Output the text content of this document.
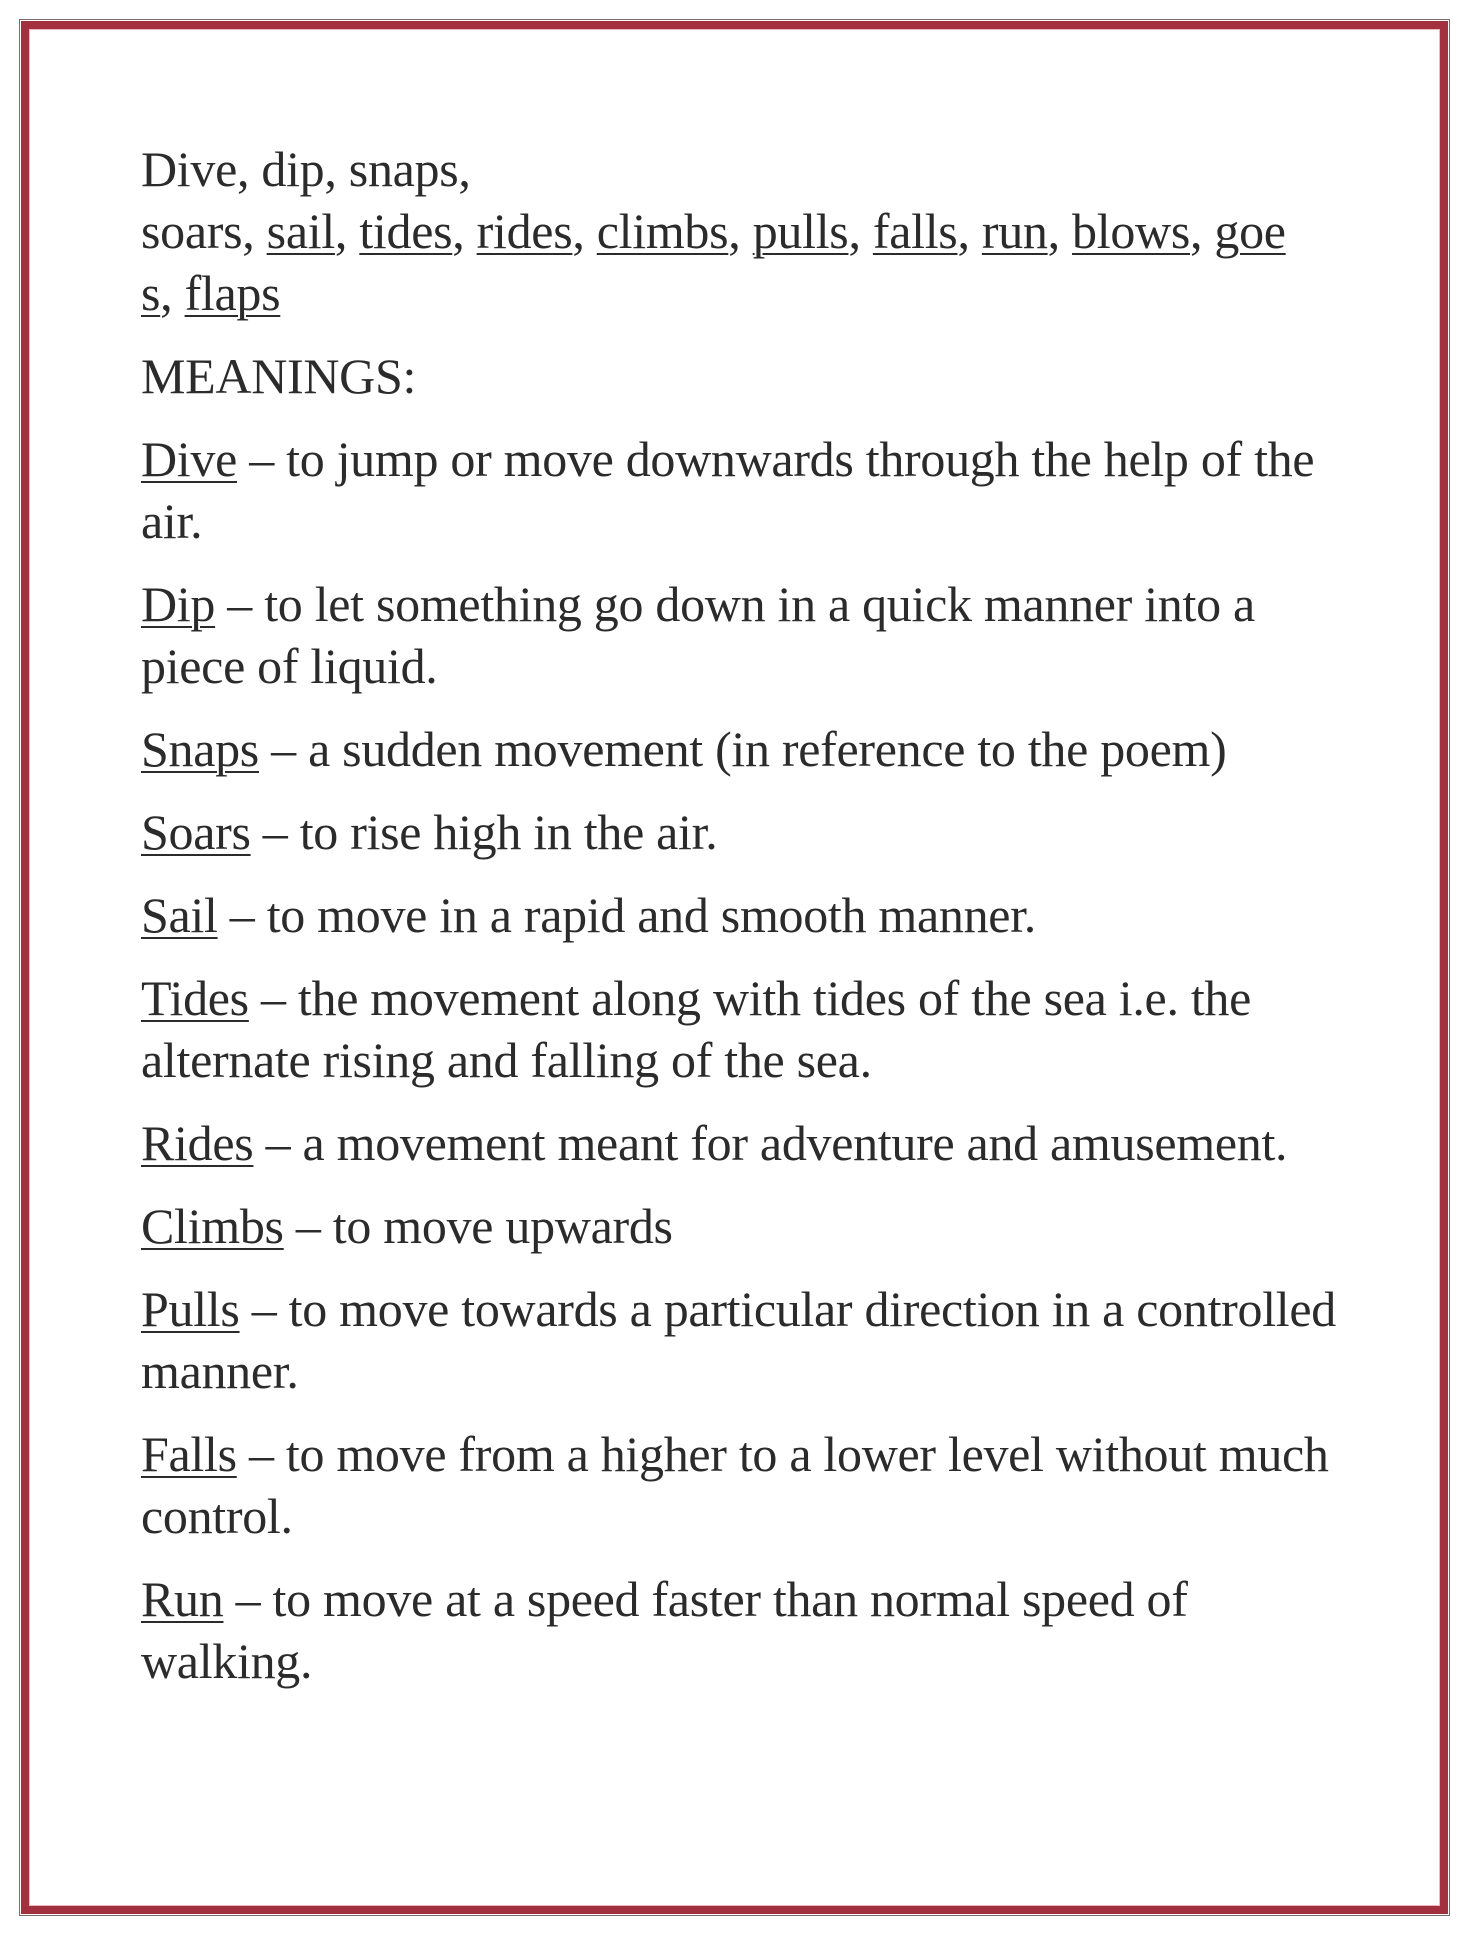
Dive, dip, snaps,
soars, sail, tides, rides, climbs, pulls, falls, run, blows, goe
s, flaps
MEANINGS:
Dive – to jump or move downwards through the help of the air.
Dip – to let something go down in a quick manner into a piece of liquid.
Snaps – a sudden movement (in reference to the poem)
Soars – to rise high in the air.
Sail – to move in a rapid and smooth manner.
Tides – the movement along with tides of the sea i.e. the alternate rising and falling of the sea.
Rides – a movement meant for adventure and amusement.
Climbs – to move upwards
Pulls – to move towards a particular direction in a controlled manner.
Falls – to move from a higher to a lower level without much control.
Run – to move at a speed faster than normal speed of walking.
